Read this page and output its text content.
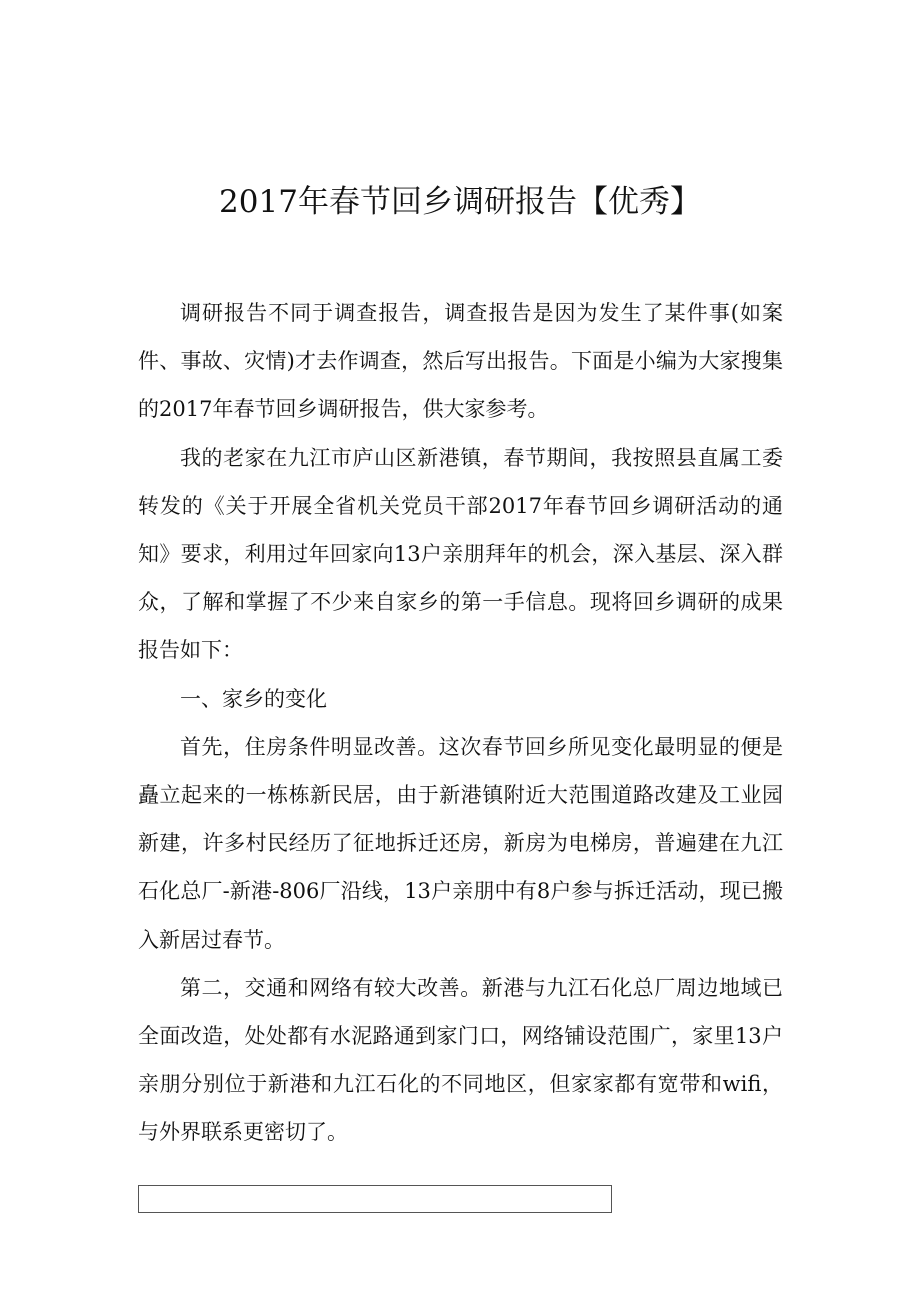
2017年春节回乡调研报告【优秀】

调研报告不同于调查报告，调查报告是因为发生了某件事(如案件、事故、灾情)才去作调查，然后写出报告。下面是小编为大家搜集的2017年春节回乡调研报告，供大家参考。

我的老家在九江市庐山区新港镇，春节期间，我按照县直属工委转发的《关于开展全省机关党员干部2017年春节回乡调研活动的通知》要求，利用过年回家向13户亲朋拜年的机会，深入基层、深入群众，了解和掌握了不少来自家乡的第一手信息。现将回乡调研的成果报告如下：

一、家乡的变化

首先，住房条件明显改善。这次春节回乡所见变化最明显的便是矗立起来的一栋栋新民居，由于新港镇附近大范围道路改建及工业园新建，许多村民经历了征地拆迁还房，新房为电梯房，普遍建在九江石化总厂-新港-806厂沿线，13户亲朋中有8户参与拆迁活动，现已搬入新居过春节。

第二，交通和网络有较大改善。新港与九江石化总厂周边地域已全面改造，处处都有水泥路通到家门口，网络铺设范围广，家里13户亲朋分别位于新港和九江石化的不同地区，但家家都有宽带和wifi，与外界联系更密切了。
